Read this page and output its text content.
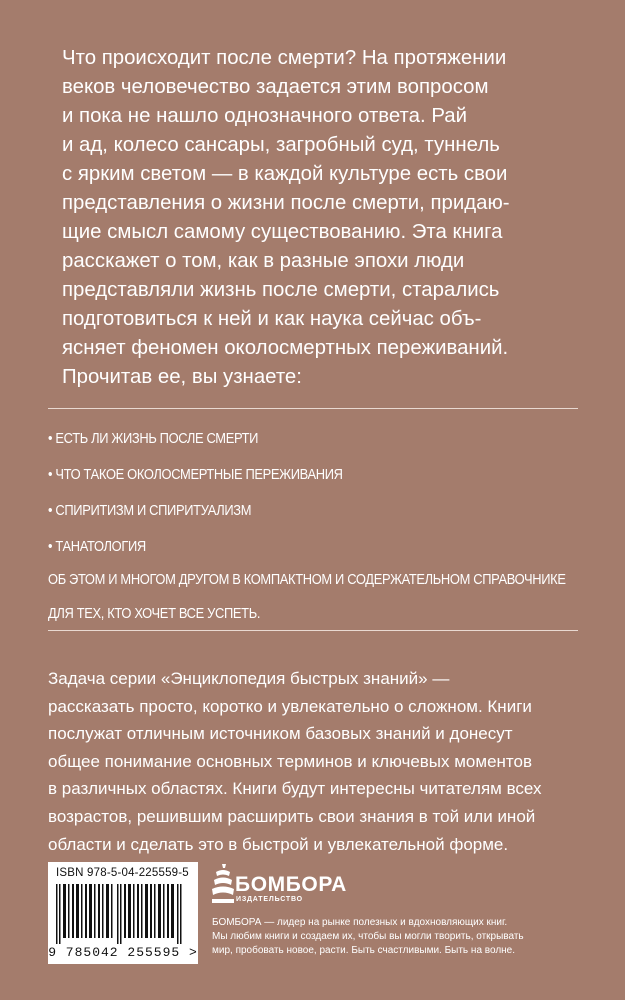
Что происходит после смерти? На протяжении
веков человечество задается этим вопросом
и пока не нашло однозначного ответа. Рай
и ад, колесо сансары, загробный суд, туннель
с ярким светом — в каждой культуре есть свои
представления о жизни после смерти, придаю-
щие смысл самому существованию. Эта книга
расскажет о том, как в разные эпохи люди
представляли жизнь после смерти, старались
подготовиться к ней и как наука сейчас объ-
ясняет феномен околосмертных переживаний.
Прочитав ее, вы узнаете:
• ЕСТЬ ЛИ ЖИЗНЬ ПОСЛЕ СМЕРТИ
• ЧТО ТАКОЕ ОКОЛОСМЕРТНЫЕ ПЕРЕЖИВАНИЯ
• СПИРИТИЗМ И СПИРИТУАЛИЗМ
• ТАНАТОЛОГИЯ
ОБ ЭТОМ И МНОГОМ ДРУГОМ В КОМПАКТНОМ И СОДЕРЖАТЕЛЬНОМ СПРАВОЧНИКЕ
ДЛЯ ТЕХ, КТО ХОЧЕТ ВСЕ УСПЕТЬ.
Задача серии «Энциклопедия быстрых знаний» —
рассказать просто, коротко и увлекательно о сложном. Книги
послужат отличным источником базовых знаний и донесут
общее понимание основных терминов и ключевых моментов
в различных областях. Книги будут интересны читателям всех
возрастов, решившим расширить свои знания в той или иной
области и сделать это в быстрой и увлекательной форме.
ISBN 978-5-04-225559-5
9 785042 255595 >
БОМБОРА
ИЗДАТЕЛЬСТВО
БОМБОРА — лидер на рынке полезных и вдохновляющих книг.
Мы любим книги и создаем их, чтобы вы могли творить, открывать
мир, пробовать новое, расти. Быть счастливыми. Быть на волне.
